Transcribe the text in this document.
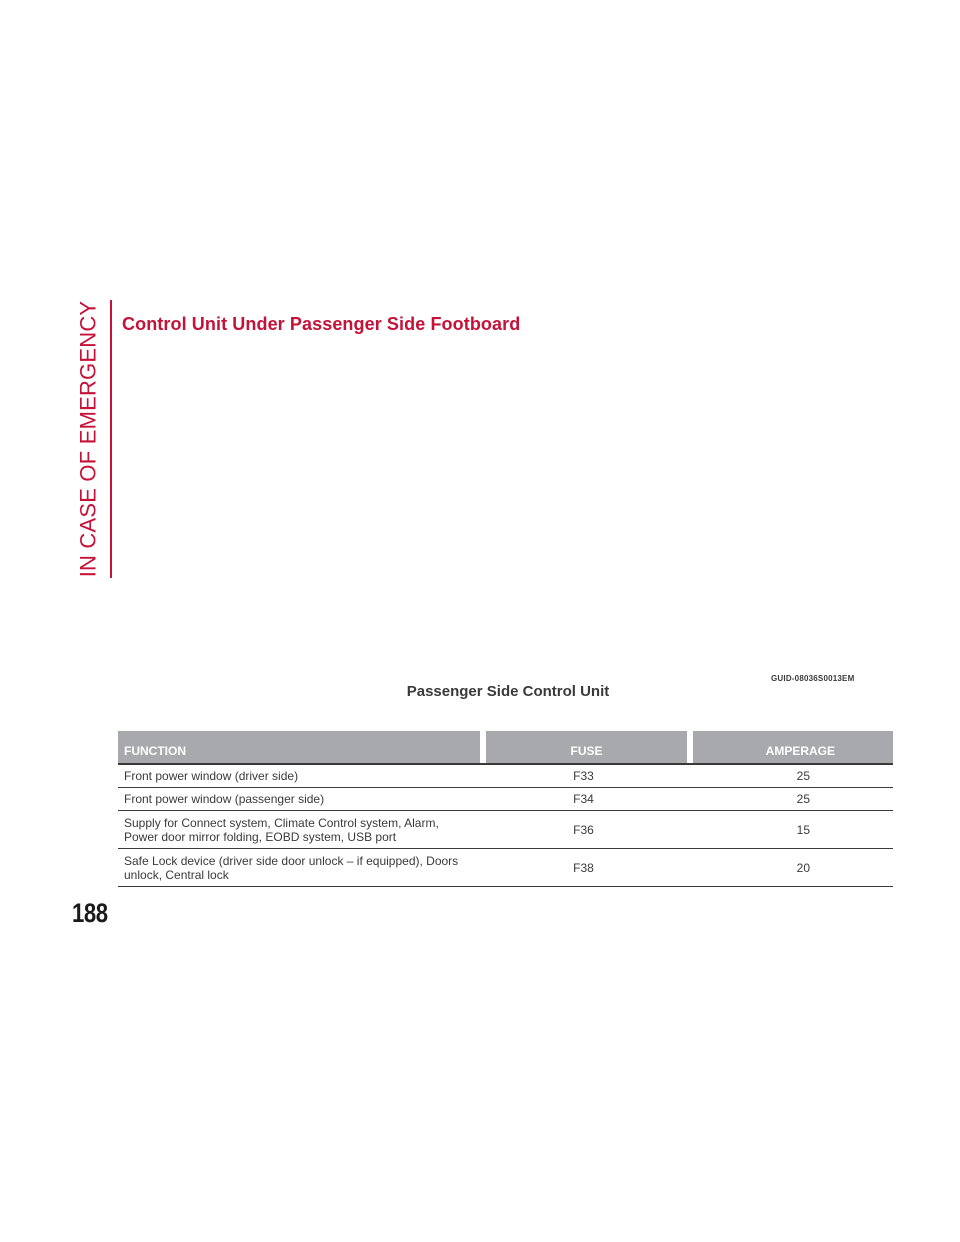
IN CASE OF EMERGENCY Control Unit Under Passenger Side Footboard
GUID-08036S0013EM
Passenger Side Control Unit
FUNCTION	FUSE	AMPERAGE
Front power window (driver side)	F33	25
Front power window (passenger side)	F34	25
Supply for Connect system, Climate Control system, Alarm,
Power door mirror folding, EOBD system, USB port	F36	15
Safe Lock device (driver side door unlock – if equipped), Doors
unlock, Central lock	F38	20
188
